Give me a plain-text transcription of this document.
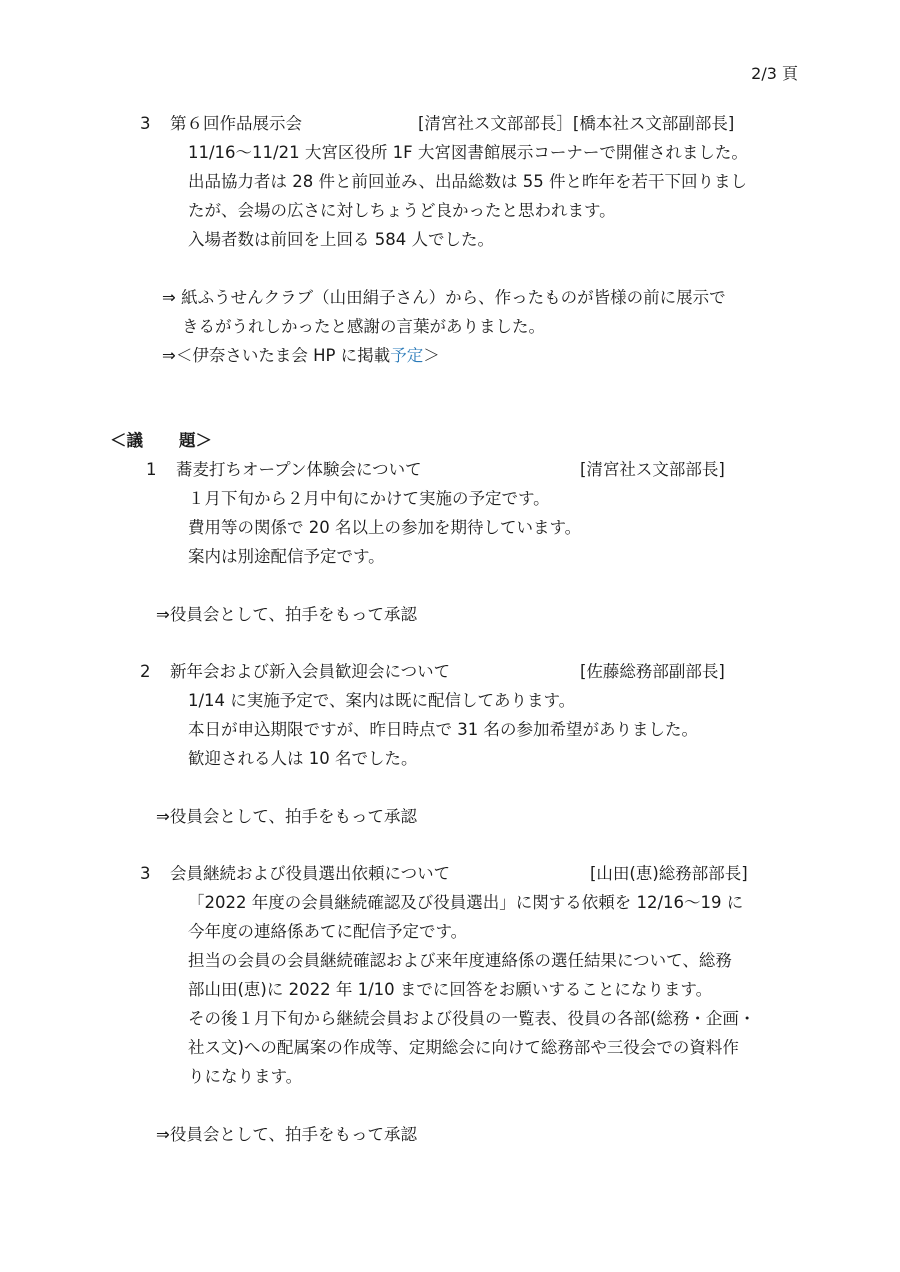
2/3 頁
3 第６回作品展示会	[清宮社ス文部部長］[橋本社ス文部副部長]
11/16～11/21 大宮区役所 1F 大宮図書館展示コーナーで開催されました。
出品協力者は 28 件と前回並み、出品総数は 55 件と昨年を若干下回りまし
たが、会場の広さに対しちょうど良かったと思われます。
入場者数は前回を上回る 584 人でした。
⇒ 紙ふうせんクラブ（山田絹子さん）から、作ったものが皆様の前に展示で
きるがうれしかったと感謝の言葉がありました。
⇒＜伊奈さいたま会 HP に掲載予定＞
＜議 題＞
1 蕎麦打ちオープン体験会について	[清宮社ス文部部長]
１月下旬から２月中旬にかけて実施の予定です。
費用等の関係で 20 名以上の参加を期待しています。
案内は別途配信予定です。
⇒役員会として、拍手をもって承認
2 新年会および新入会員歓迎会について	[佐藤総務部副部長]
1/14 に実施予定で、案内は既に配信してあります。
本日が申込期限ですが、昨日時点で 31 名の参加希望がありました。
歓迎される人は 10 名でした。
⇒役員会として、拍手をもって承認
3 会員継続および役員選出依頼について	[山田(恵)総務部部長]
「2022 年度の会員継続確認及び役員選出」に関する依頼を 12/16～19 に
今年度の連絡係あてに配信予定です。
担当の会員の会員継続確認および来年度連絡係の選任結果について、総務
部山田(恵)に 2022 年 1/10 までに回答をお願いすることになります。
その後１月下旬から継続会員および役員の一覧表、役員の各部(総務・企画・
社ス文)への配属案の作成等、定期総会に向けて総務部や三役会での資料作
りになります。
⇒役員会として、拍手をもって承認
